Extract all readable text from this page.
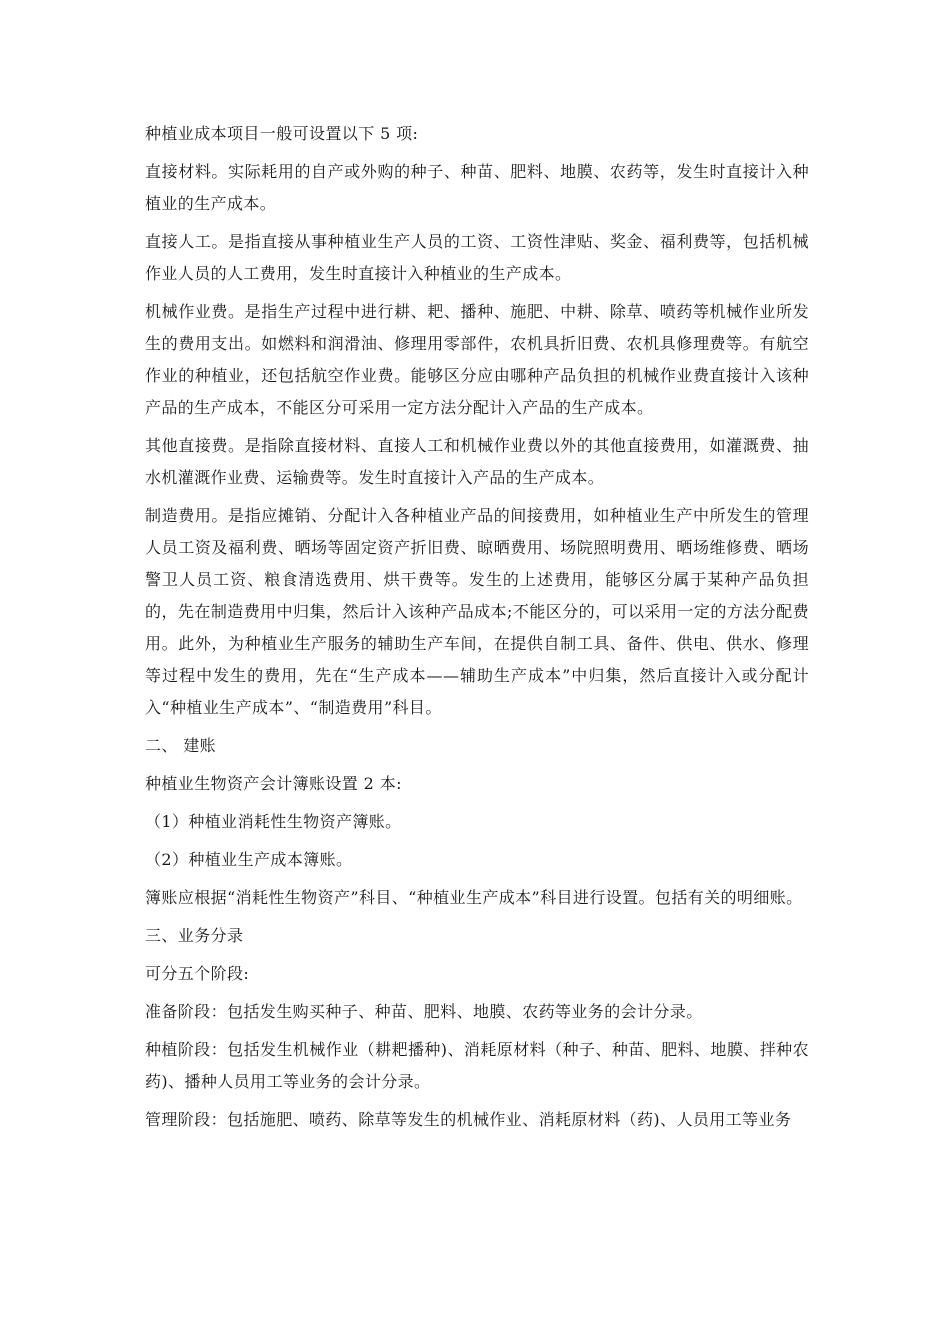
种植业成本项目一般可设置以下 5 项:

直接材料。实际耗用的自产或外购的种子、种苗、肥料、地膜、农药等，发生时直接计入种植业的生产成本。

直接人工。是指直接从事种植业生产人员的工资、工资性津贴、奖金、福利费等，包括机械作业人员的人工费用，发生时直接计入种植业的生产成本。

机械作业费。是指生产过程中进行耕、耙、播种、施肥、中耕、除草、喷药等机械作业所发生的费用支出。如燃料和润滑油、修理用零部件，农机具折旧费、农机具修理费等。有航空作业的种植业，还包括航空作业费。能够区分应由哪种产品负担的机械作业费直接计入该种产品的生产成本，不能区分可采用一定方法分配计入产品的生产成本。

其他直接费。是指除直接材料、直接人工和机械作业费以外的其他直接费用，如灌溉费、抽水机灌溉作业费、运输费等。发生时直接计入产品的生产成本。

制造费用。是指应摊销、分配计入各种植业产品的间接费用，如种植业生产中所发生的管理人员工资及福利费、晒场等固定资产折旧费、晾晒费用、场院照明费用、晒场维修费、晒场警卫人员工资、粮食清选费用、烘干费等。发生的上述费用，能够区分属于某种产品负担的，先在制造费用中归集，然后计入该种产品成本;不能区分的，可以采用一定的方法分配费用。此外，为种植业生产服务的辅助生产车间，在提供自制工具、备件、供电、供水、修理等过程中发生的费用，先在“生产成本——辅助生产成本”中归集，然后直接计入或分配计入“种植业生产成本”、“制造费用”科目。

二、 建账

种植业生物资产会计簿账设置 2 本:

（1）种植业消耗性生物资产簿账。

（2）种植业生产成本簿账。

簿账应根据“消耗性生物资产”科目、“种植业生产成本”科目进行设置。包括有关的明细账。

三、业务分录

可分五个阶段:

准备阶段：包括发生购买种子、种苗、肥料、地膜、农药等业务的会计分录。

种植阶段：包括发生机械作业（耕耙播种)、消耗原材料（种子、种苗、肥料、地膜、拌种农药)、播种人员用工等业务的会计分录。

管理阶段：包括施肥、喷药、除草等发生的机械作业、消耗原材料（药)、人员用工等业务
